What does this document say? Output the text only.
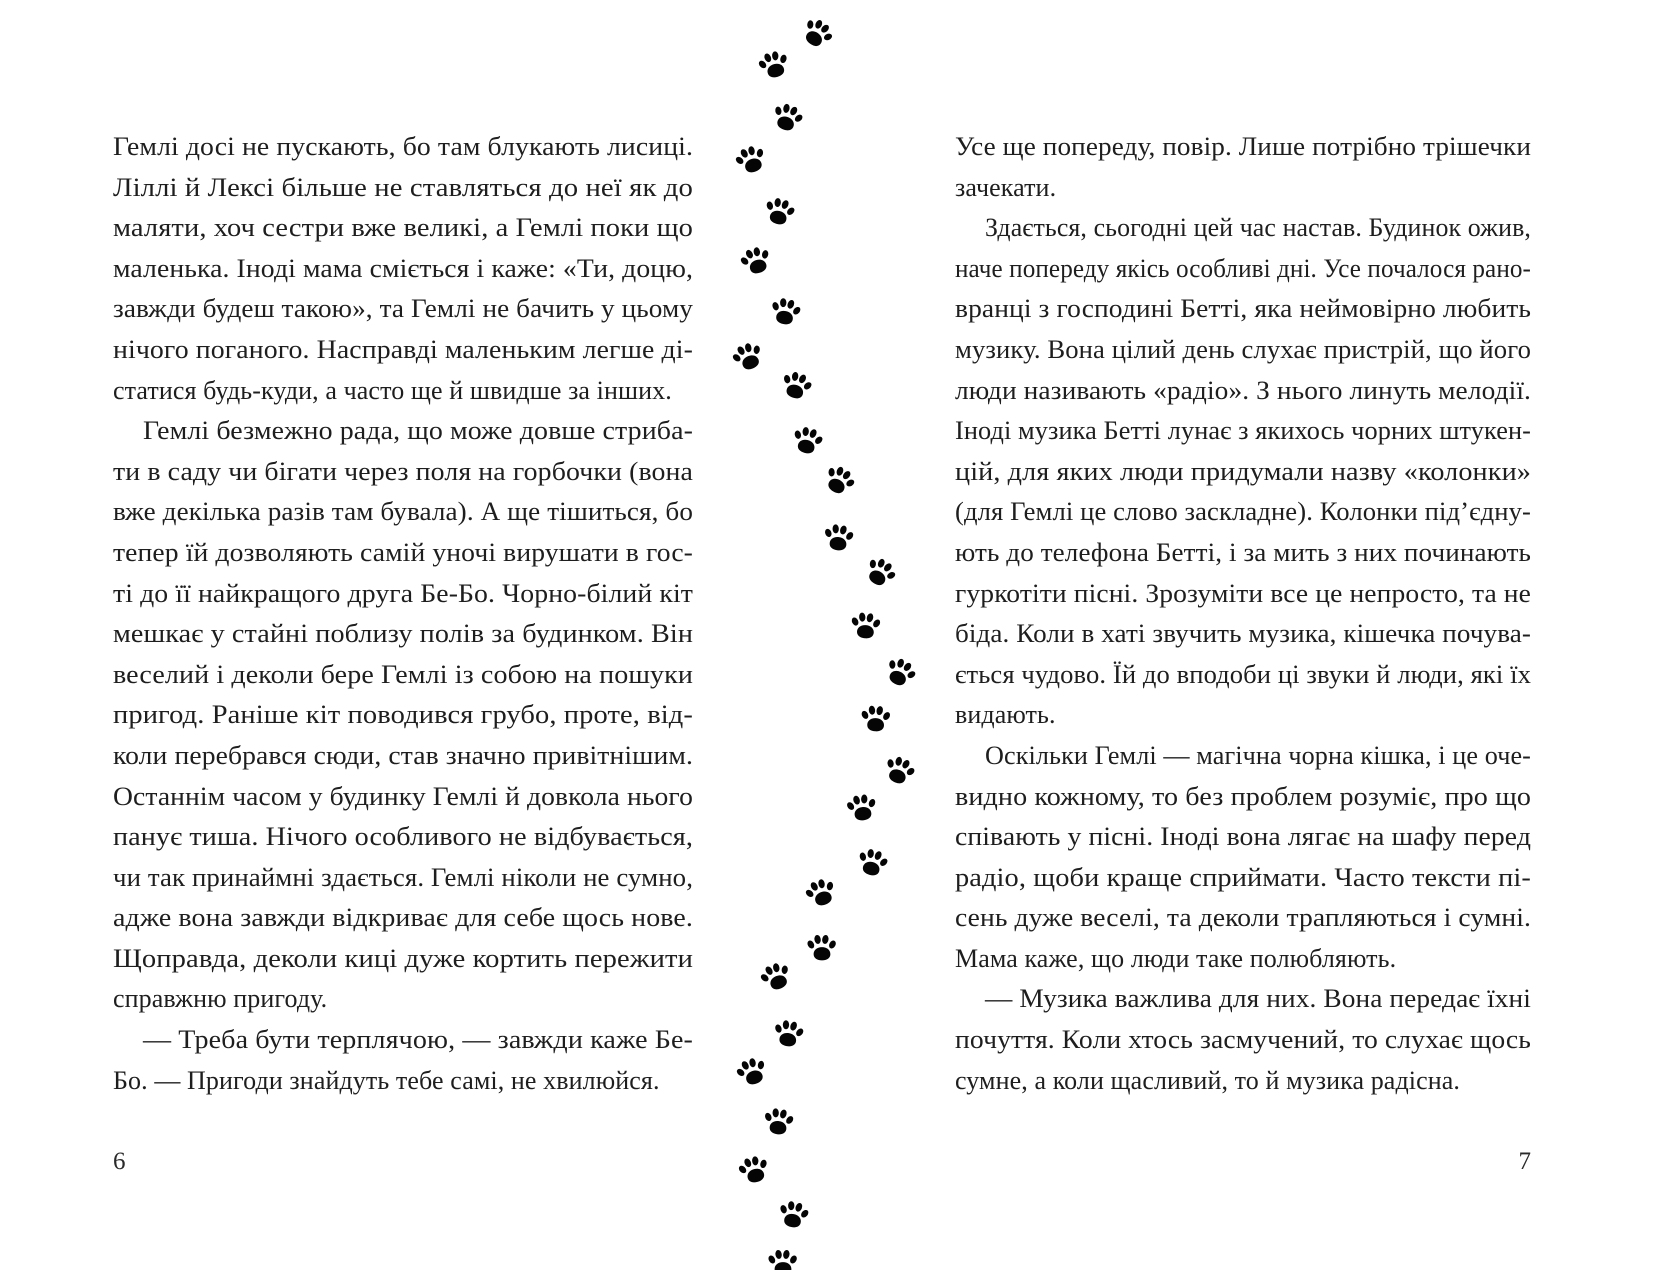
Гемлі досі не пускають, бо там блукають лисиці.
Ліллі й Лексі більше не ставляться до неї як до
маляти, хоч сестри вже великі, а Гемлі поки що
маленька. Іноді мама сміється і каже: «Ти, доцю,
завжди будеш такою», та Гемлі не бачить у цьому
нічого поганого. Насправді маленьким легше ді-
статися будь-куди, а часто ще й швидше за інших.
Гемлі безмежно рада, що може довше стриба-
ти в саду чи бігати через поля на горбочки (вона
вже декілька разів там бувала). А ще тішиться, бо
тепер їй дозволяють самій уночі вирушати в гос-
ті до її найкращого друга Бе-Бо. Чорно-білий кіт
мешкає у стайні поблизу полів за будинком. Він
веселий і деколи бере Гемлі із собою на пошуки
пригод. Раніше кіт поводився грубо, проте, від-
коли перебрався сюди, став значно привітнішим.
Останнім часом у будинку Гемлі й довкола нього
панує тиша. Нічого особливого не відбувається,
чи так принаймні здається. Гемлі ніколи не сумно,
адже вона завжди відкриває для себе щось нове.
Щоправда, деколи киці дуже кортить пережити
справжню пригоду.
— Треба бути терплячою, — завжди каже Бе-
Бо. — Пригоди знайдуть тебе самі, не хвилюйся.
Усе ще попереду, повір. Лише потрібно трішечки
зачекати.
Здається, сьогодні цей час настав. Будинок ожив,
наче попереду якісь особливі дні. Усе почалося рано-
вранці з господині Бетті, яка неймовірно любить
музику. Вона цілий день слухає пристрій, що його
люди називають «радіо». З нього линуть мелодії.
Іноді музика Бетті лунає з якихось чорних штукен-
цій, для яких люди придумали назву «колонки»
(для Гемлі це слово заскладне). Колонки під’єдну-
ють до телефона Бетті, і за мить з них починають
гуркотіти пісні. Зрозуміти все це непросто, та не
біда. Коли в хаті звучить музика, кішечка почува-
ється чудово. Їй до вподоби ці звуки й люди, які їх
видають.
Оскільки Гемлі — магічна чорна кішка, і це оче-
видно кожному, то без проблем розуміє, про що
співають у пісні. Іноді вона лягає на шафу перед
радіо, щоби краще сприймати. Часто тексти пі-
сень дуже веселі, та деколи трапляються і сумні.
Мама каже, що люди таке полюбляють.
— Музика важлива для них. Вона передає їхні
почуття. Коли хтось засмучений, то слухає щось
сумне, а коли щасливий, то й музика радісна.
6	7
